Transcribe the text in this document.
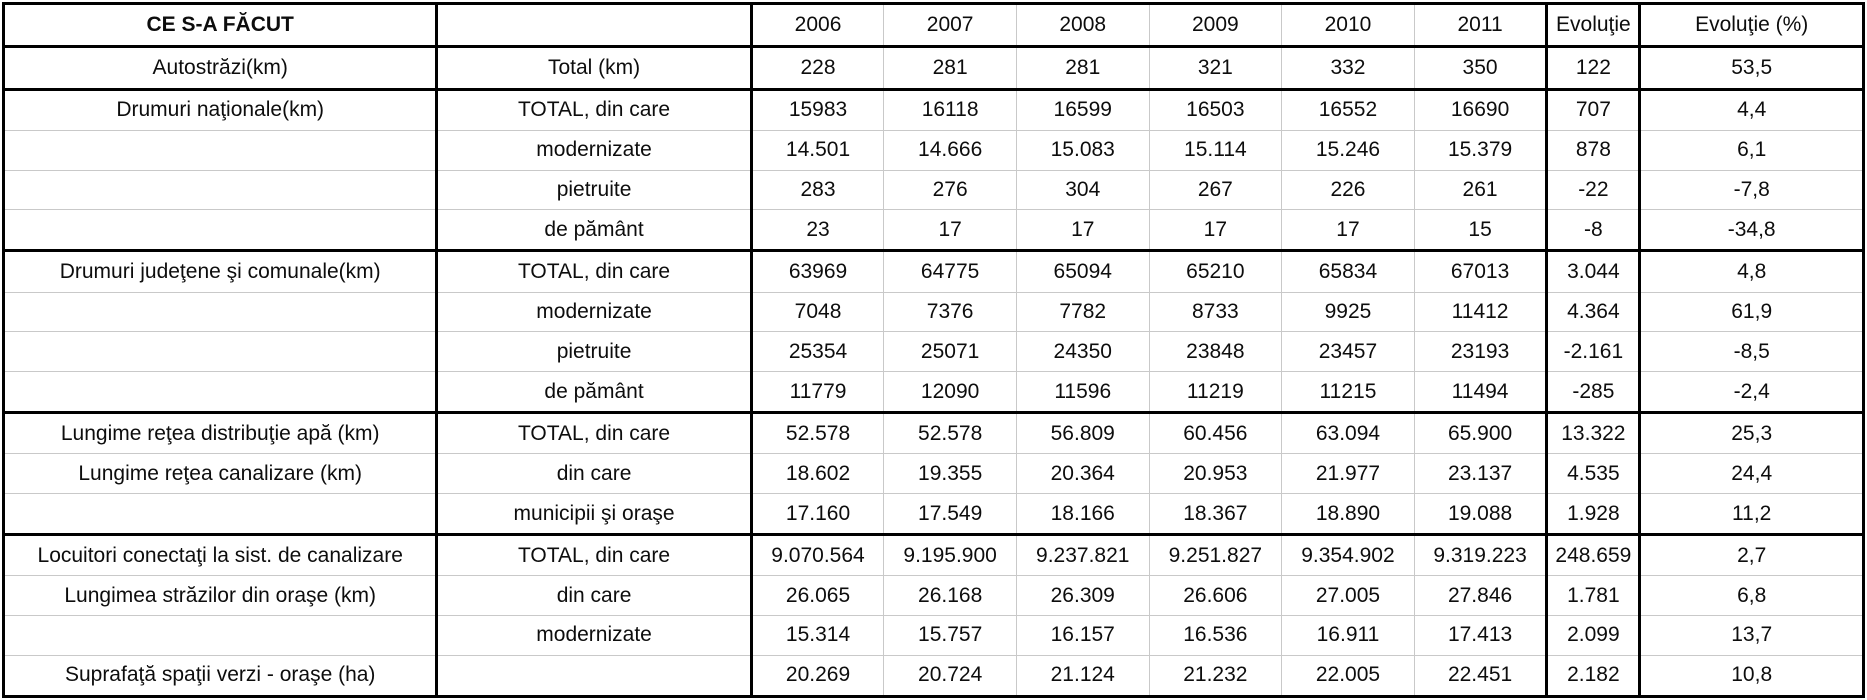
CE S-A FĂCUT		2006	2007	2008	2009	2010	2011	Evoluţie	Evoluţie (%)
Autostrăzi(km)	Total (km)	228	281	281	321	332	350	122	53,5
Drumuri naţionale(km)	TOTAL, din care	15983	16118	16599	16503	16552	16690	707	4,4
	modernizate	14.501	14.666	15.083	15.114	15.246	15.379	878	6,1
	pietruite	283	276	304	267	226	261	-22	-7,8
	de pământ	23	17	17	17	17	15	-8	-34,8
Drumuri judeţene şi comunale(km)	TOTAL, din care	63969	64775	65094	65210	65834	67013	3.044	4,8
	modernizate	7048	7376	7782	8733	9925	11412	4.364	61,9
	pietruite	25354	25071	24350	23848	23457	23193	-2.161	-8,5
	de pământ	11779	12090	11596	11219	11215	11494	-285	-2,4
Lungime reţea distribuţie apă (km)	TOTAL, din care	52.578	52.578	56.809	60.456	63.094	65.900	13.322	25,3
Lungime reţea canalizare (km)	din care	18.602	19.355	20.364	20.953	21.977	23.137	4.535	24,4
	municipii şi oraşe	17.160	17.549	18.166	18.367	18.890	19.088	1.928	11,2
Locuitori conectaţi la sist. de canalizare	TOTAL, din care	9.070.564	9.195.900	9.237.821	9.251.827	9.354.902	9.319.223	248.659	2,7
Lungimea străzilor din oraşe (km)	din care	26.065	26.168	26.309	26.606	27.005	27.846	1.781	6,8
	modernizate	15.314	15.757	16.157	16.536	16.911	17.413	2.099	13,7
Suprafaţă spaţii verzi - oraşe (ha)		20.269	20.724	21.124	21.232	22.005	22.451	2.182	10,8
